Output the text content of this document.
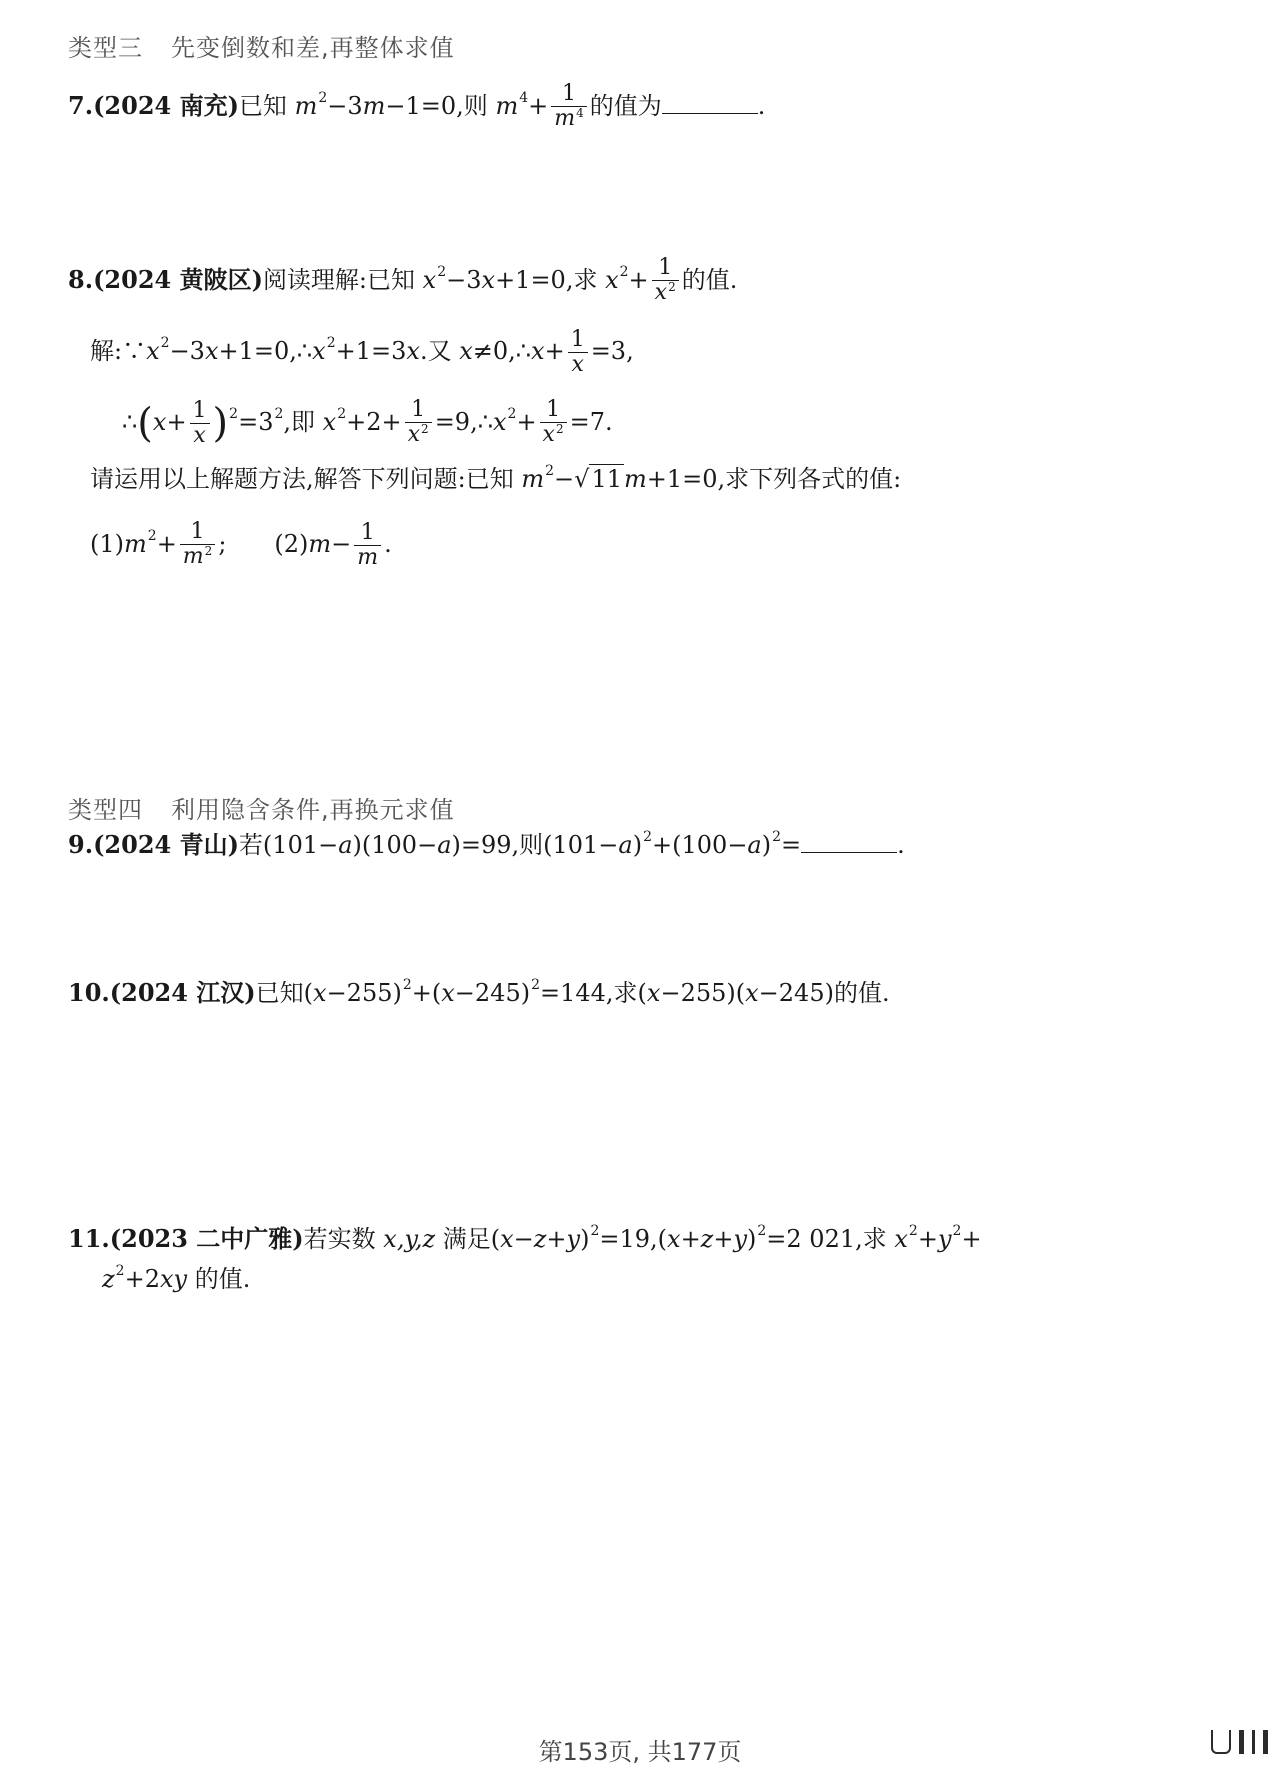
类型三 先变倒数和差,再整体求值
7.(2024 南充)已知 $m^2-3m-1=0$,则 $m^4+ \frac{1}{m^4}$ 的值为	.
8.(2024 黄陂区)阅读理解:已知 $x^2-3x+1=0$,求 $x^2+ \frac{1}{x^2}$ 的值.
解$:\because x^2-3x+1=0,\therefore x^2+1=3x$.又 x≠0,∴x+ $\frac{1}{x} =3$,
∴(x+ $\frac{1}{x} )^2=3^2$,即 $x^2+2+ \frac{1}{x^2}$ $=9,\therefore x^2+ \frac{1}{x^2} =7$.
请运用以上解题方法,解答下列问题:已知 $m^2-√11m+1=0$,求下列各式的值:
$(1)m^2+ \frac{1}{m^2}$ ; $(2)m- \frac{1}{m}$ .
类型四 利用隐含条件,再换元求值
9.(2024 青山)若(101−a)(100−a)=99,则$(101-a)^2+(100-a)^2=$	.
10.(2024 江汉)已知$(x-255)^2+(x-245)^2=144$,求(x−255)(x−245)的值.
11.(2023 二中广雅)若实数 x,y,z 满足$(x-z+y)^2=19,(x+z+y)^2=2$ 021,求 $x^2+y^2+$
$z^2+2xy$ 的值.
第153页, 共177页
